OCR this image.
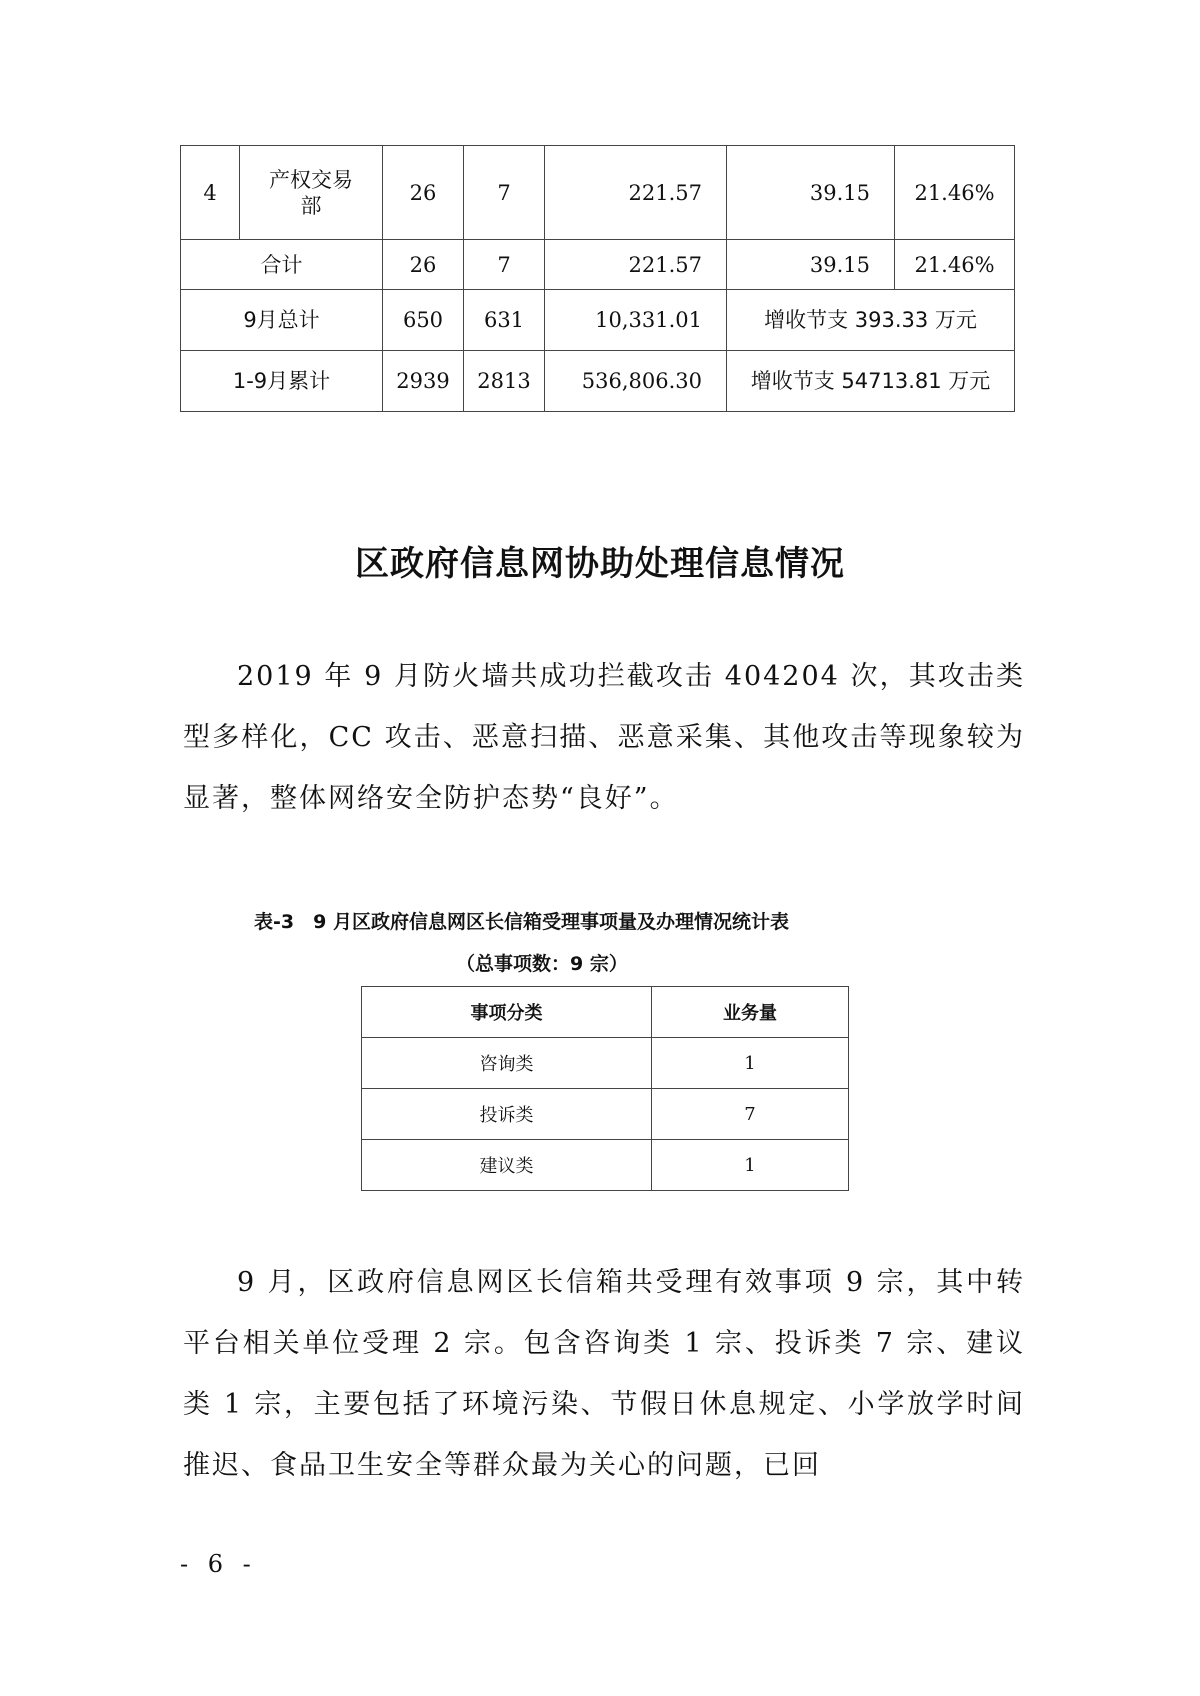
4	产权交易部	26	7	221.57	39.15	21.46%
合计		26	7	221.57	39.15	21.46%
9月总计		650	631	10,331.01	增收节支 393.33 万元	
1-9月累计		2939	2813	536,806.30	增收节支 54713.81 万元	
区政府信息网协助处理信息情况
2019 年 9 月防火墙共成功拦截攻击 404204 次，其攻击类型多样化，CC 攻击、恶意扫描、恶意采集、其他攻击等现象较为显著，整体网络安全防护态势“良好”。
表-3　9 月区政府信息网区长信箱受理事项量及办理情况统计表
（总事项数：9 宗）
事项分类	业务量
咨询类	1
投诉类	7
建议类	1
9 月，区政府信息网区长信箱共受理有效事项 9 宗，其中转平台相关单位受理 2 宗。包含咨询类 1 宗、投诉类 7 宗、建议类 1 宗，主要包括了环境污染、节假日休息规定、小学放学时间推迟、食品卫生安全等群众最为关心的问题，已回
- 6 -
